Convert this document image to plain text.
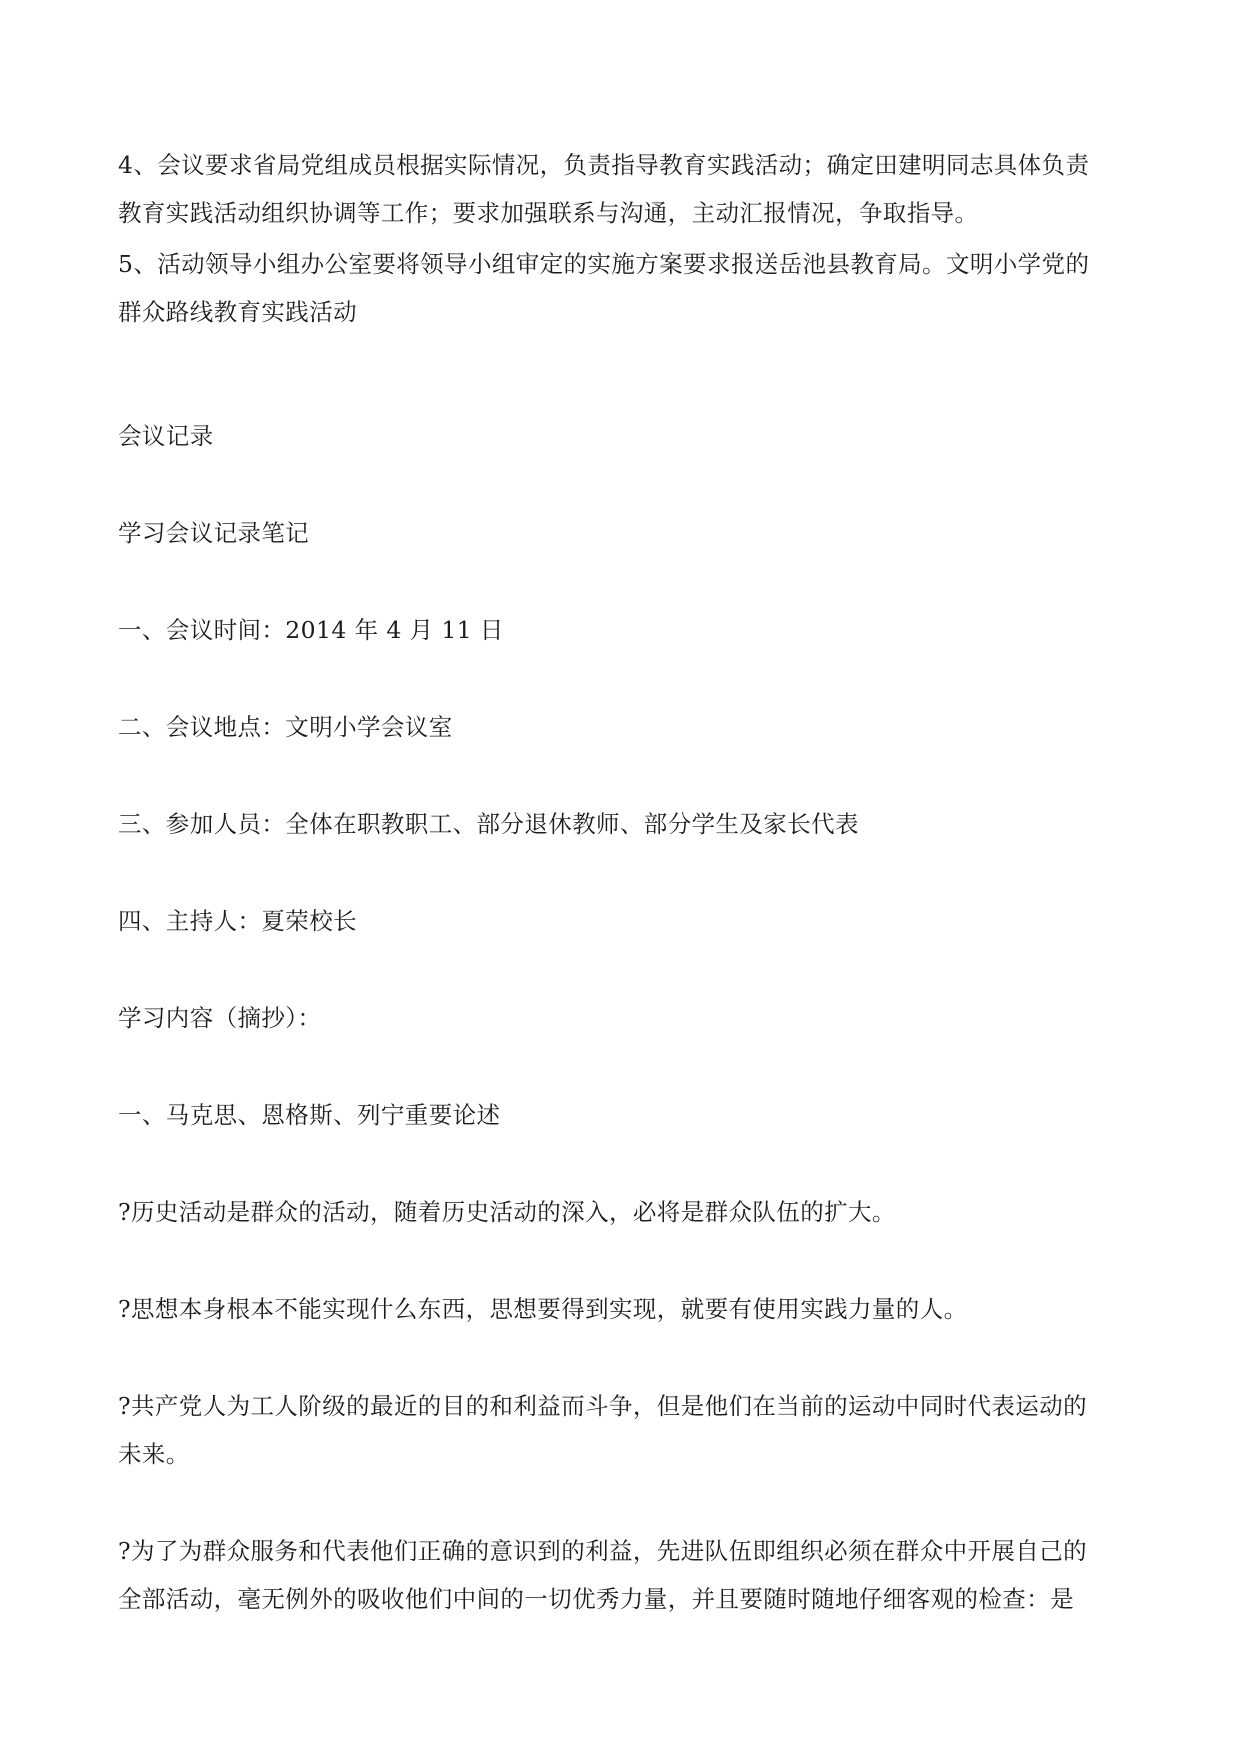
4、会议要求省局党组成员根据实际情况，负责指导教育实践活动；确定田建明同志具体负责
教育实践活动组织协调等工作；要求加强联系与沟通，主动汇报情况，争取指导。

5、活动领导小组办公室要将领导小组审定的实施方案要求报送岳池县教育局。文明小学党的
群众路线教育实践活动

会议记录

学习会议记录笔记

一、会议时间：2014 年 4 月 11 日

二、会议地点：文明小学会议室

三、参加人员：全体在职教职工、部分退休教师、部分学生及家长代表

四、主持人：夏荣校长

学习内容（摘抄）：

一、马克思、恩格斯、列宁重要论述

?历史活动是群众的活动，随着历史活动的深入，必将是群众队伍的扩大。

?思想本身根本不能实现什么东西，思想要得到实现，就要有使用实践力量的人。

?共产党人为工人阶级的最近的目的和利益而斗争，但是他们在当前的运动中同时代表运动的
未来。

?为了为群众服务和代表他们正确的意识到的利益，先进队伍即组织必须在群众中开展自己的
全部活动，毫无例外的吸收他们中间的一切优秀力量，并且要随时随地仔细客观的检查：是
